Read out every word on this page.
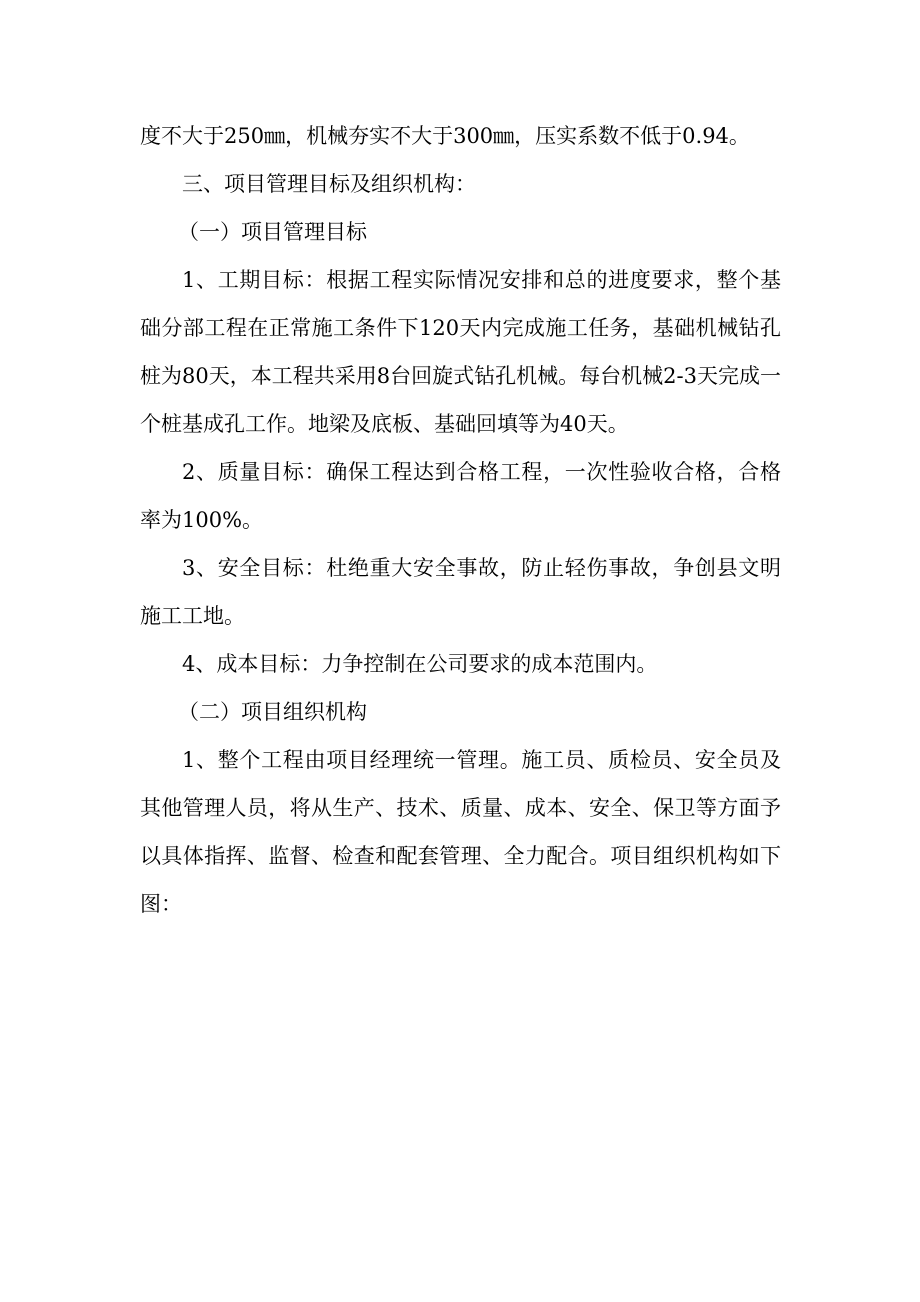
度不大于250㎜，机械夯实不大于300㎜，压实系数不低于0.94。

三、项目管理目标及组织机构：

（一）项目管理目标

1、工期目标：根据工程实际情况安排和总的进度要求，整个基础分部工程在正常施工条件下120天内完成施工任务，基础机械钻孔桩为80天，本工程共采用8台回旋式钻孔机械。每台机械2-3天完成一个桩基成孔工作。地梁及底板、基础回填等为40天。

2、质量目标：确保工程达到合格工程，一次性验收合格，合格率为100%。

3、安全目标：杜绝重大安全事故，防止轻伤事故，争创县文明施工工地。

4、成本目标：力争控制在公司要求的成本范围内。

（二）项目组织机构

1、整个工程由项目经理统一管理。施工员、质检员、安全员及其他管理人员，将从生产、技术、质量、成本、安全、保卫等方面予以具体指挥、监督、检查和配套管理、全力配合。项目组织机构如下图：
